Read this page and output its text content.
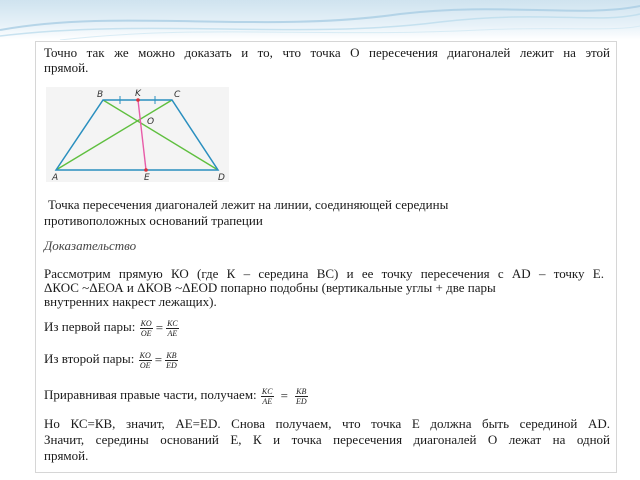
Точно так же можно доказать и то, что точка О пересечения диагоналей лежит на этой
прямой.
B	K	C
O
A	E	D
Точка пересечения диагоналей лежит на линии, соединяющей середины
противоположных оснований трапеции
Доказательство
Рассмотрим прямую КО (где К – середина ВС) и ее точку пересечения с AD – точку Е.
ΔКОС ~ΔЕОА и ΔКОВ ~ΔЕОD попарно подобны (вертикальные углы + две пары
внутренних накрест лежащих).
Из первой пары: $\frac{KO}{OE} = \frac{KC}{AE}$
Из второй пары: $\frac{KO}{OE} = \frac{KB}{ED}$
Приравнивая правые части, получаем: $\frac{KC}{AE} = \frac{KB}{ED}$
Но КС=КВ, значит, АЕ=ЕD. Снова получаем, что точка Е должна быть серединой AD.
Значит, середины оснований Е, К и точка пересечения диагоналей О лежат на одной
прямой.
